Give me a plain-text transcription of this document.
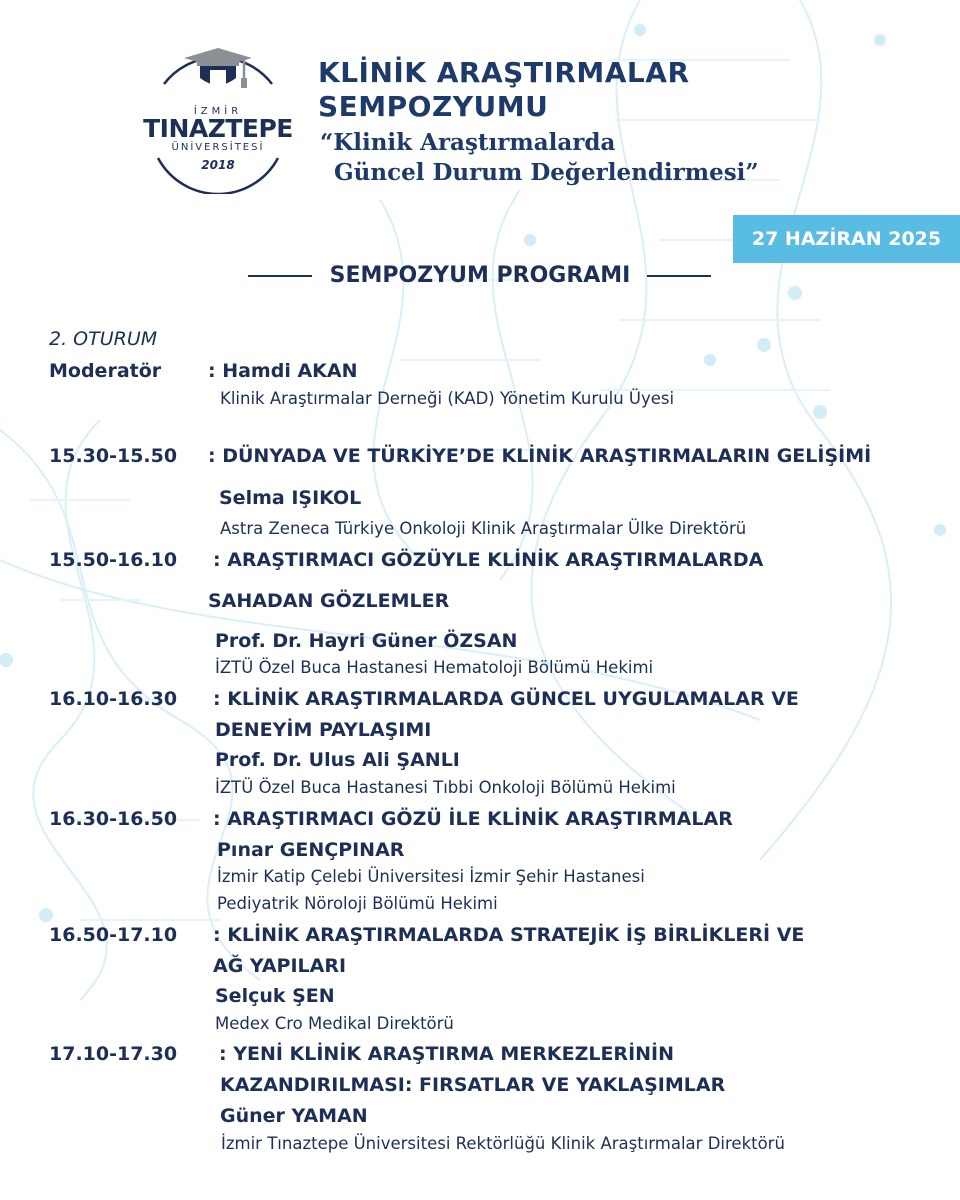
İZMİR
TINAZTEPE
ÜNİVERSİTESİ
2018
KLİNİK ARAŞTIRMALAR
SEMPOZYUMU
“Klinik Araştırmalarda
Güncel Durum Değerlendirmesi”
27 HAZİRAN 2025
SEMPOZYUM PROGRAMI
2. OTURUM
Moderatör : Hamdi AKAN
Klinik Araştırmalar Derneği (KAD) Yönetim Kurulu Üyesi
15.30-15.50 : DÜNYADA VE TÜRKİYE’DE KLİNİK ARAŞTIRMALARIN GELİŞİMİ
Selma IŞIKOL
Astra Zeneca Türkiye Onkoloji Klinik Araştırmalar Ülke Direktörü
15.50-16.10 : ARAŞTIRMACI GÖZÜYLE KLİNİK ARAŞTIRMALARDA
SAHADAN GÖZLEMLER
Prof. Dr. Hayri Güner ÖZSAN
İZTÜ Özel Buca Hastanesi Hematoloji Bölümü Hekimi
16.10-16.30 : KLİNİK ARAŞTIRMALARDA GÜNCEL UYGULAMALAR VE
DENEYİM PAYLAŞIMI
Prof. Dr. Ulus Ali ŞANLI
İZTÜ Özel Buca Hastanesi Tıbbi Onkoloji Bölümü Hekimi
16.30-16.50 : ARAŞTIRMACI GÖZÜ İLE KLİNİK ARAŞTIRMALAR
Pınar GENÇPINAR
İzmir Katip Çelebi Üniversitesi İzmir Şehir Hastanesi
Pediyatrik Nöroloji Bölümü Hekimi
16.50-17.10 : KLİNİK ARAŞTIRMALARDA STRATEJİK İŞ BİRLİKLERİ VE
AĞ YAPILARI
Selçuk ŞEN
Medex Cro Medikal Direktörü
17.10-17.30 : YENİ KLİNİK ARAŞTIRMA MERKEZLERİNİN
KAZANDIRILMASI: FIRSATLAR VE YAKLAŞIMLAR
Güner YAMAN
İzmir Tınaztepe Üniversitesi Rektörlüğü Klinik Araştırmalar Direktörü
